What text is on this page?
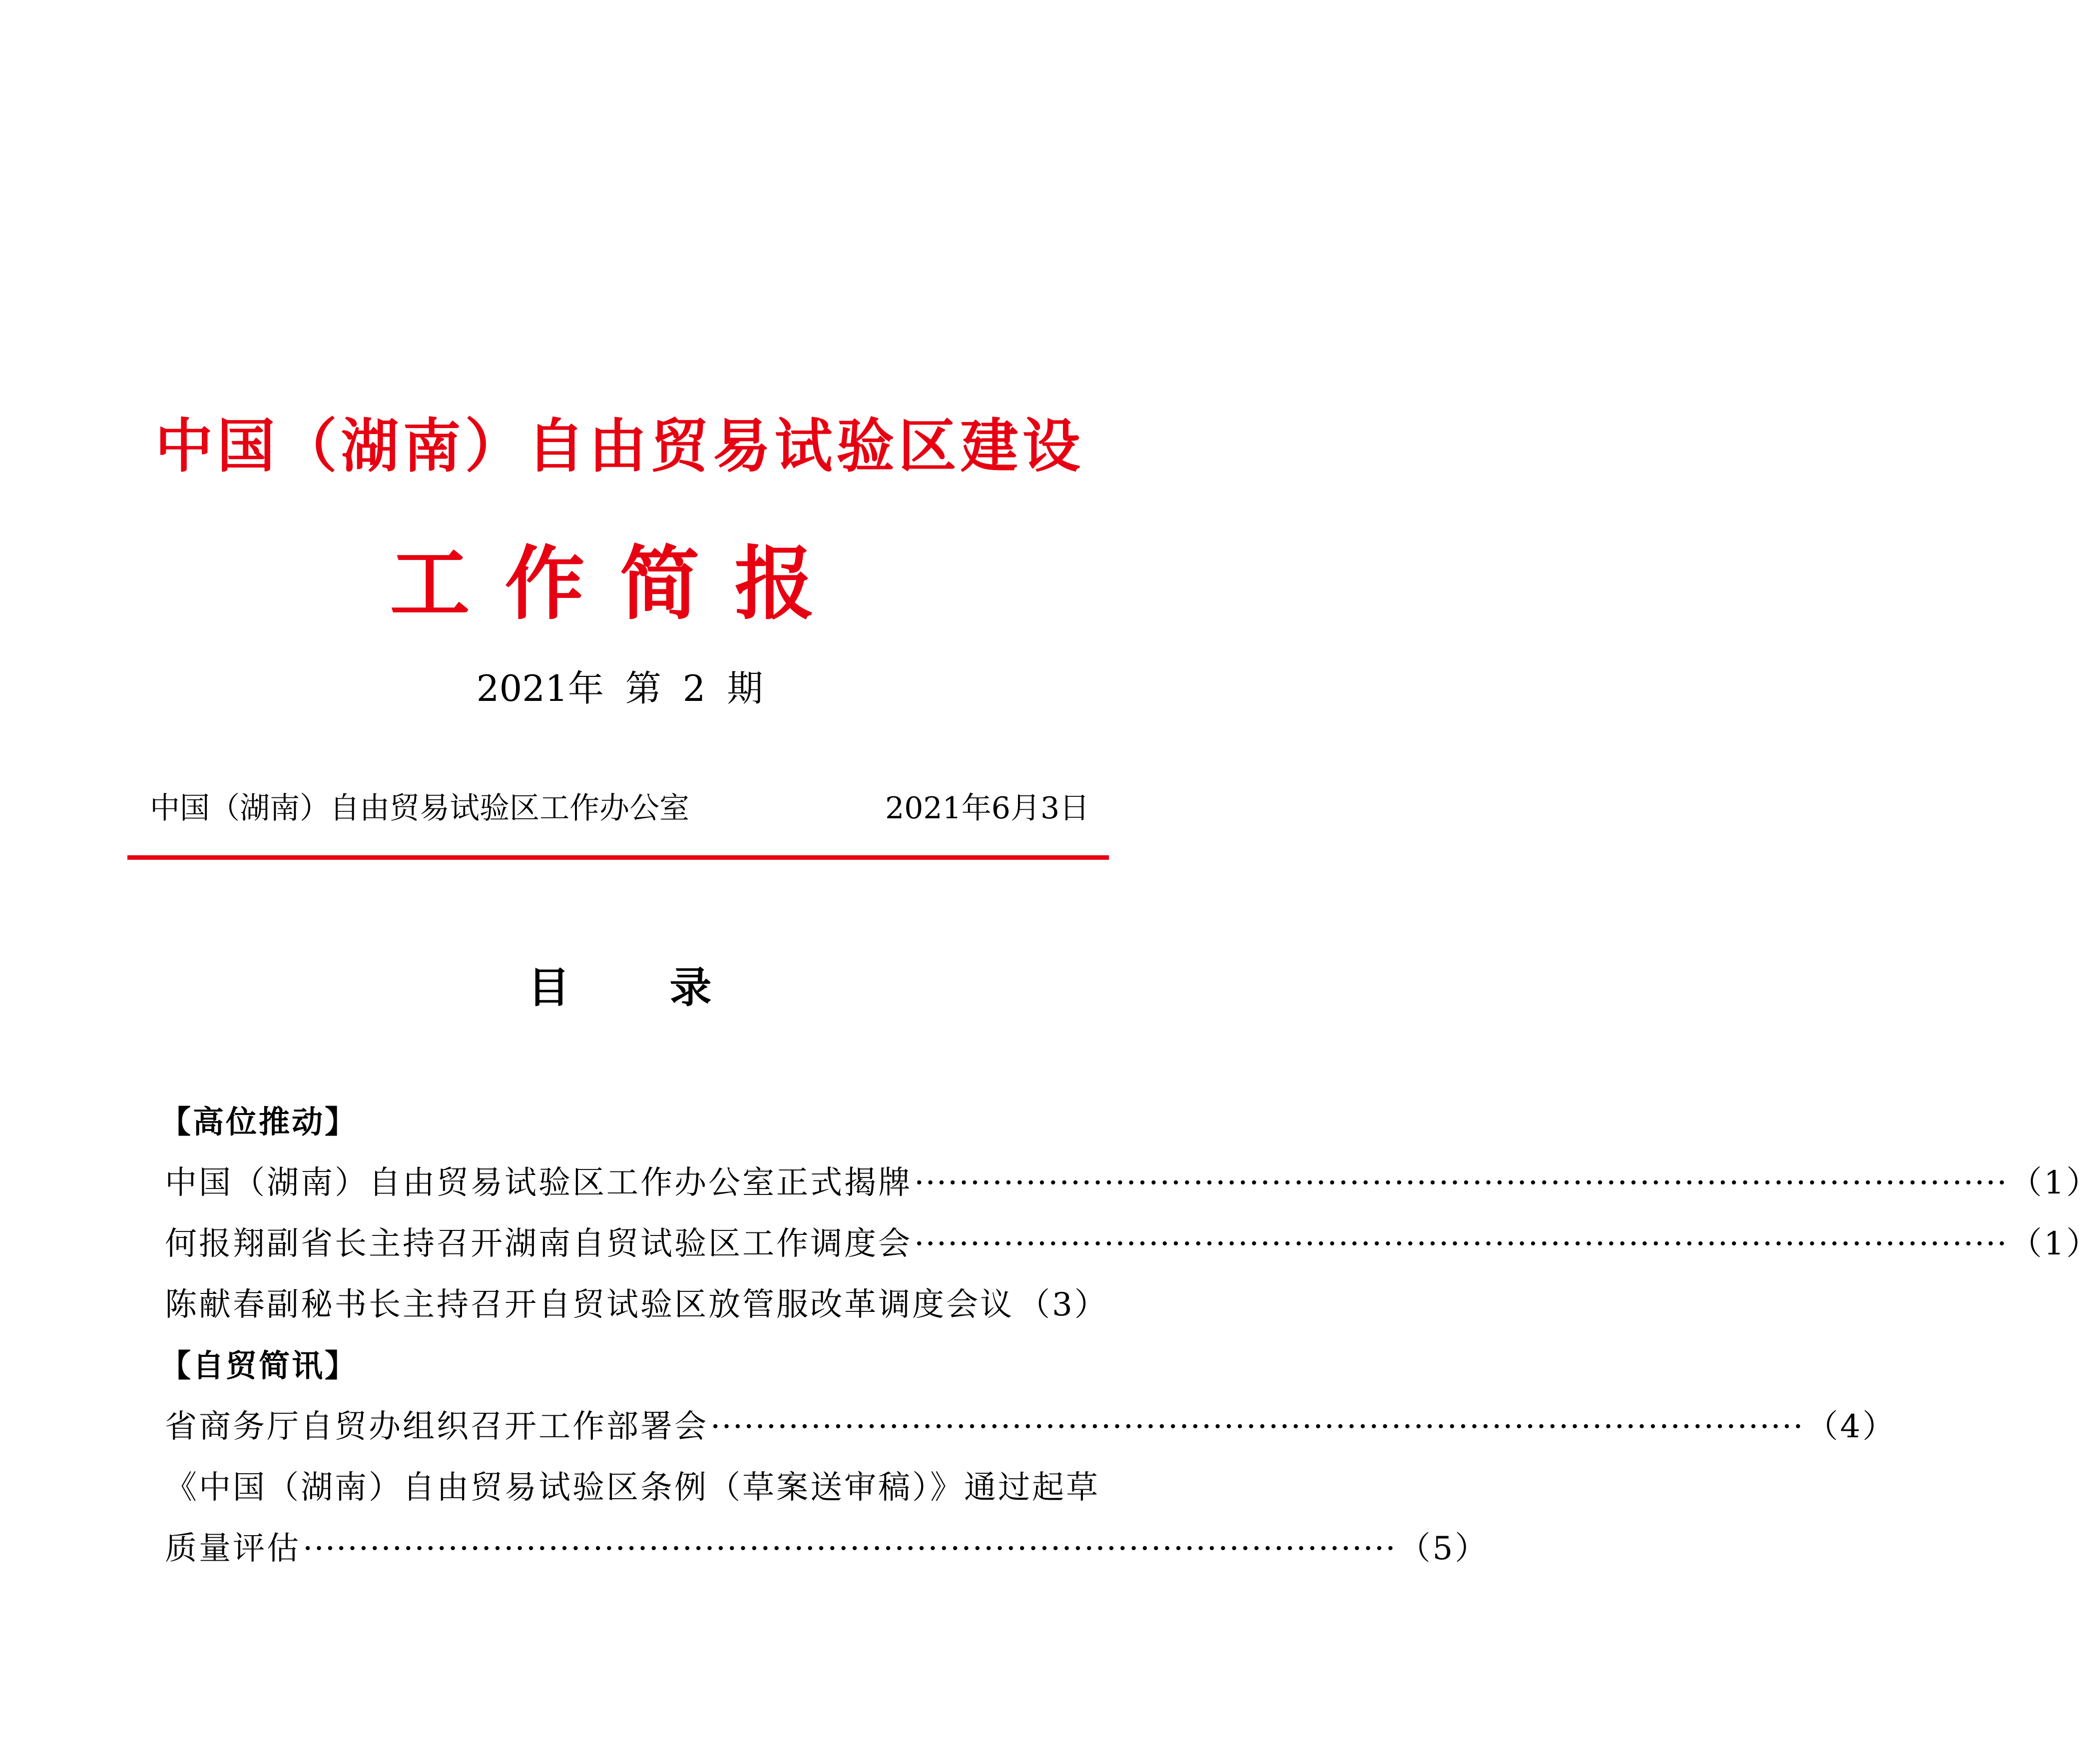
中国（湖南）自由贸易试验区建设
工作简报
2021年 第 2 期
中国（湖南）自由贸易试验区工作办公室	2021年6月3日
目录
【高位推动】
中国（湖南）自由贸易试验区工作办公室正式揭牌 ·································································································· （1）
何报翔副省长主持召开湖南自贸试验区工作调度会 ·································································································· （1）
陈献春副秘书长主持召开自贸试验区放管服改革调度会议 （3）
【自贸简讯】
省商务厅自贸办组织召开工作部署会 ·································································································· （4）
《中国（湖南）自由贸易试验区条例（草案送审稿）》通过起草
质量评估 ·································································································· （5）
